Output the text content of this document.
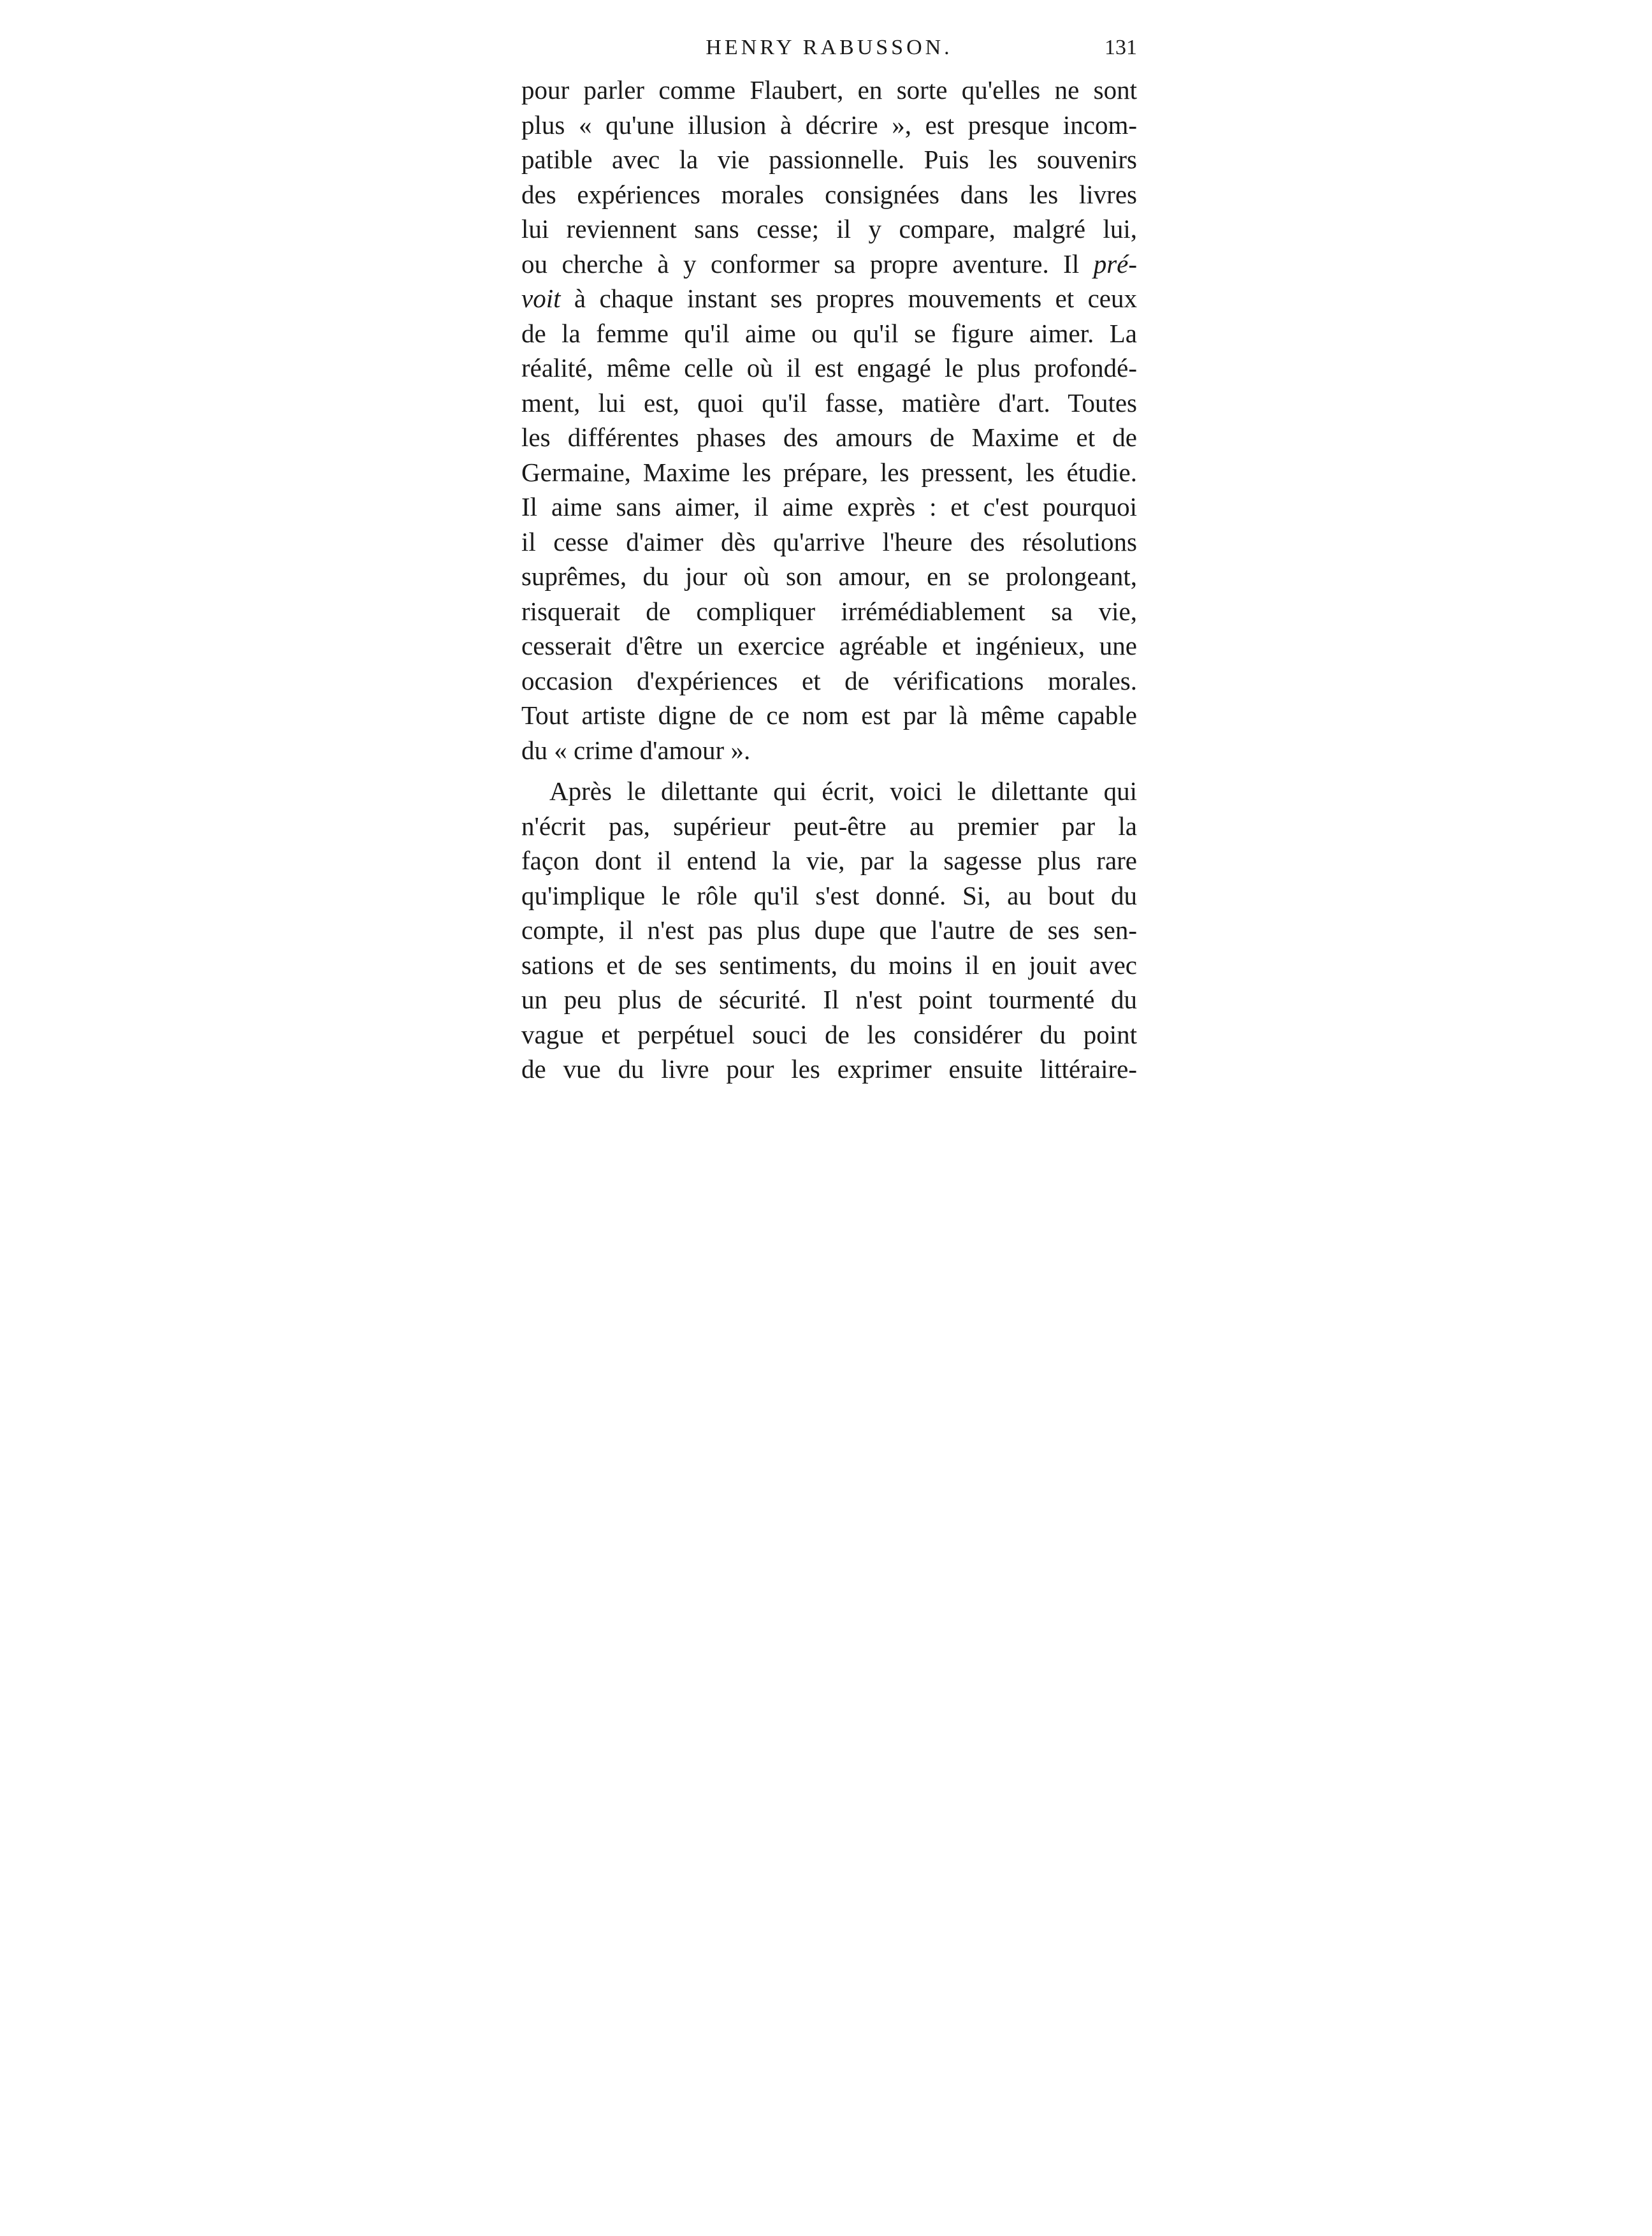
HENRY RABUSSON.	131
pour parler comme Flaubert, en sorte qu'elles ne sont
plus « qu'une illusion à décrire », est presque incom-
patible avec la vie passionnelle. Puis les souvenirs
des expériences morales consignées dans les livres
lui reviennent sans cesse; il y compare, malgré lui,
ou cherche à y conformer sa propre aventure. Il pré-
voit à chaque instant ses propres mouvements et ceux
de la femme qu'il aime ou qu'il se figure aimer. La
réalité, même celle où il est engagé le plus profondé-
ment, lui est, quoi qu'il fasse, matière d'art. Toutes
les différentes phases des amours de Maxime et de
Germaine, Maxime les prépare, les pressent, les étudie.
Il aime sans aimer, il aime exprès : et c'est pourquoi
il cesse d'aimer dès qu'arrive l'heure des résolutions
suprêmes, du jour où son amour, en se prolongeant,
risquerait de compliquer irrémédiablement sa vie,
cesserait d'être un exercice agréable et ingénieux, une
occasion d'expériences et de vérifications morales.
Tout artiste digne de ce nom est par là même capable
du « crime d'amour ».
Après le dilettante qui écrit, voici le dilettante qui
n'écrit pas, supérieur peut-être au premier par la
façon dont il entend la vie, par la sagesse plus rare
qu'implique le rôle qu'il s'est donné. Si, au bout du
compte, il n'est pas plus dupe que l'autre de ses sen-
sations et de ses sentiments, du moins il en jouit avec
un peu plus de sécurité. Il n'est point tourmenté du
vague et perpétuel souci de les considérer du point
de vue du livre pour les exprimer ensuite littéraire-
